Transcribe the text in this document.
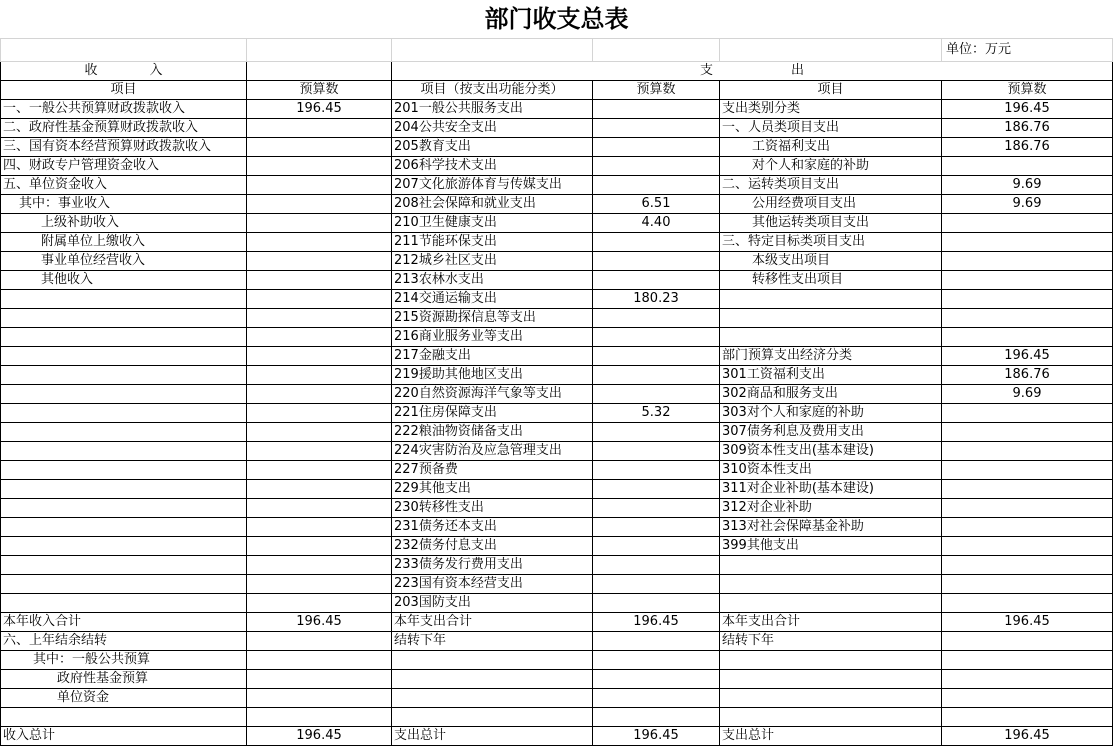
部门收支总表
					单位：万元
收　　　　入		支　　　　　　出			
项目	预算数	项目（按支出功能分类）	预算数	项目	预算数
一、一般公共预算财政拨款收入	196.45	201一般公共服务支出		支出类别分类	196.45
二、政府性基金预算财政拨款收入		204公共安全支出		一、人员类项目支出	186.76
三、国有资本经营预算财政拨款收入		205教育支出		工资福利支出	186.76
四、财政专户管理资金收入		206科学技术支出		对个人和家庭的补助	
五、单位资金收入		207文化旅游体育与传媒支出		二、运转类项目支出	9.69
其中：事业收入		208社会保障和就业支出	6.51	公用经费项目支出	9.69
上级补助收入		210卫生健康支出	4.40	其他运转类项目支出	
附属单位上缴收入		211节能环保支出		三、特定目标类项目支出	
事业单位经营收入		212城乡社区支出		本级支出项目	
其他收入		213农林水支出		转移性支出项目	
		214交通运输支出	180.23		
		215资源勘探信息等支出			
		216商业服务业等支出			
		217金融支出		部门预算支出经济分类	196.45
		219援助其他地区支出		301工资福利支出	186.76
		220自然资源海洋气象等支出		302商品和服务支出	9.69
		221住房保障支出	5.32	303对个人和家庭的补助	
		222粮油物资储备支出		307债务利息及费用支出	
		224灾害防治及应急管理支出		309资本性支出(基本建设)	
		227预备费		310资本性支出	
		229其他支出		311对企业补助(基本建设)	
		230转移性支出		312对企业补助	
		231债务还本支出		313对社会保障基金补助	
		232债务付息支出		399其他支出	
		233债务发行费用支出			
		223国有资本经营支出			
		203国防支出			
本年收入合计	196.45	本年支出合计	196.45	本年支出合计	196.45
六、上年结余结转		结转下年		结转下年	
其中：一般公共预算					
政府性基金预算					
单位资金					

收入总计	196.45	支出总计	196.45	支出总计	196.45
